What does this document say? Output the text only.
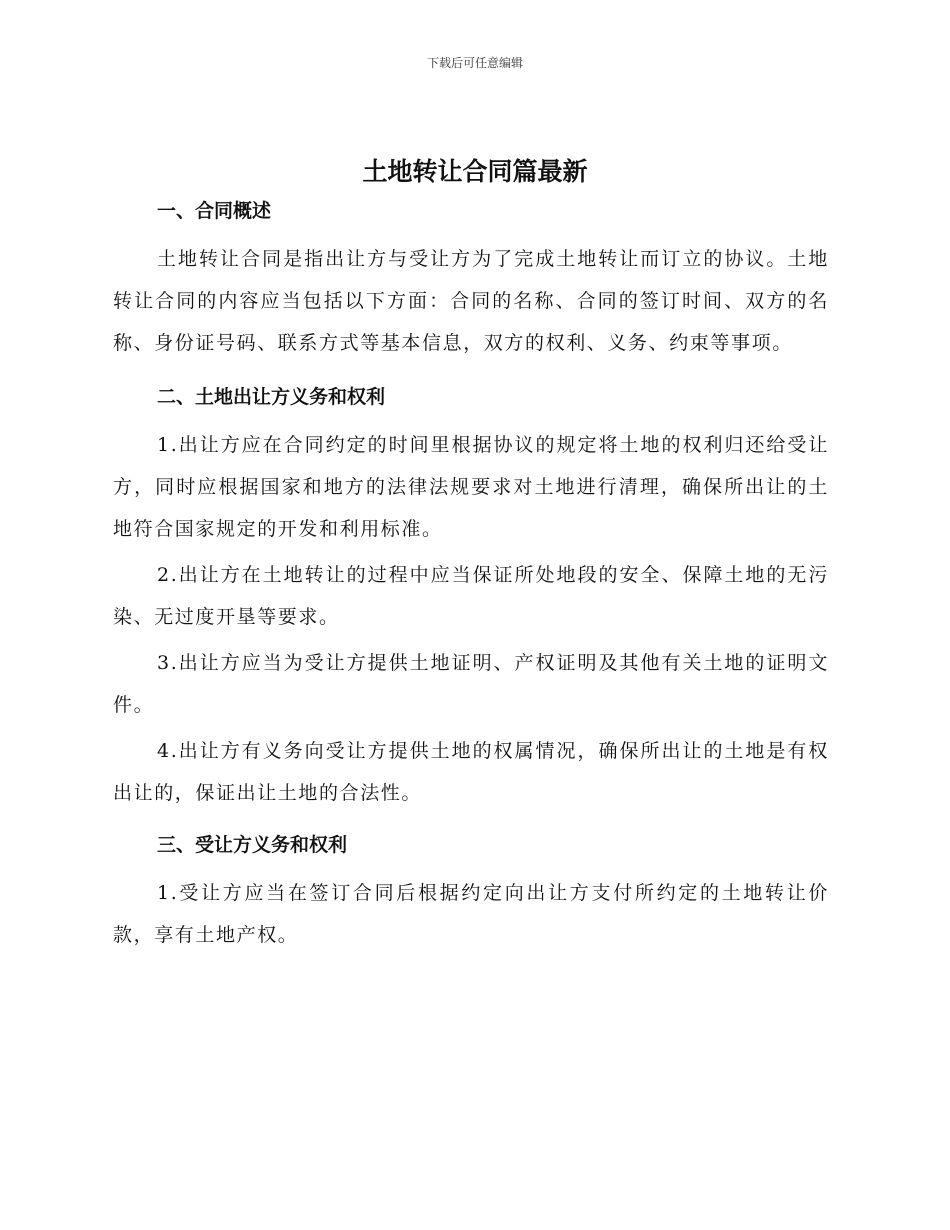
下载后可任意编辑
土地转让合同篇最新
一、合同概述

土地转让合同是指出让方与受让方为了完成土地转让而订立的协议。土地转让合同的内容应当包括以下方面：合同的名称、合同的签订时间、双方的名称、身份证号码、联系方式等基本信息，双方的权利、义务、约束等事项。

二、土地出让方义务和权利

1.出让方应在合同约定的时间里根据协议的规定将土地的权利归还给受让方，同时应根据国家和地方的法律法规要求对土地进行清理，确保所出让的土地符合国家规定的开发和利用标准。

2.出让方在土地转让的过程中应当保证所处地段的安全、保障土地的无污染、无过度开垦等要求。

3.出让方应当为受让方提供土地证明、产权证明及其他有关土地的证明文件。

4.出让方有义务向受让方提供土地的权属情况，确保所出让的土地是有权出让的，保证出让土地的合法性。

三、受让方义务和权利

1.受让方应当在签订合同后根据约定向出让方支付所约定的土地转让价款，享有土地产权。
